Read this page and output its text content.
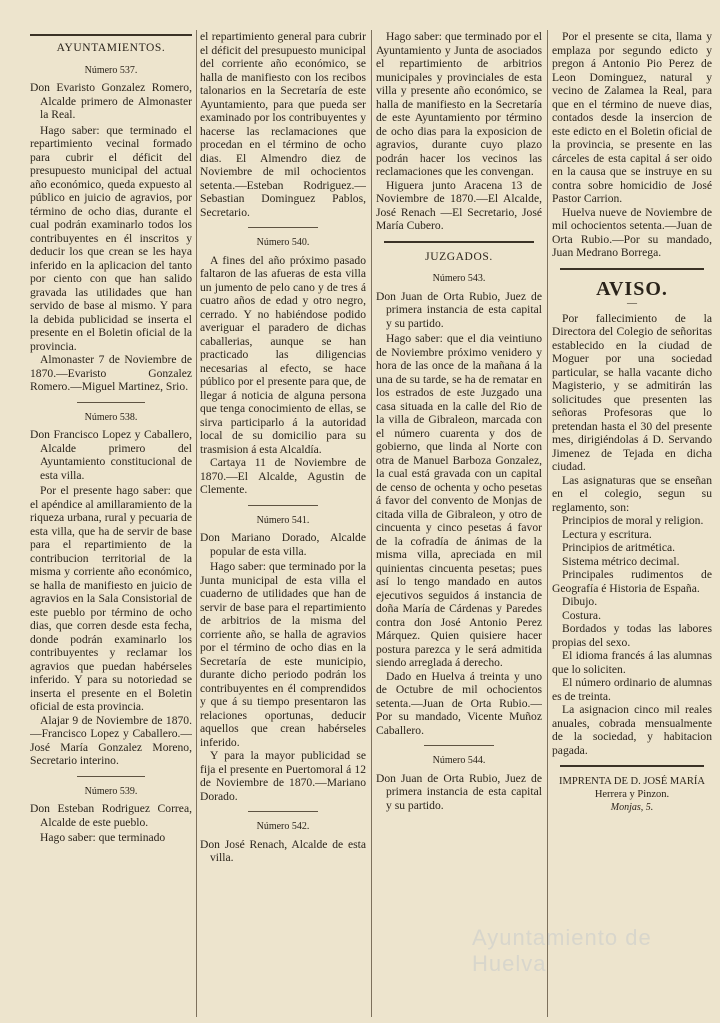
AYUNTAMIENTOS.
Número 537.

Don Evaristo Gonzalez Romero, Alcalde primero de Almonaster la Real.

Hago saber: que terminado el repartimiento vecinal formado para cubrir el déficit del presupuesto municipal del actual año económico, queda expuesto al público en juicio de agravios, por término de ocho dias, durante el cual podrán examinarlo todos los contribuyentes en él inscritos y deducir los que crean se les haya inferido en la aplicacion del tanto por ciento con que han salido gravada las utilidades que han servido de base al mismo. Y para la debida publicidad se inserta el presente en el Boletin oficial de la provincia.

Almonaster 7 de Noviembre de 1870.—Evaristo Gonzalez Romero.—Miguel Martinez, Srio.

Número 538.

Don Francisco Lopez y Caballero, Alcalde primero del Ayuntamiento constitucional de esta villa.

Por el presente hago saber: que el apéndice al amillaramiento de la riqueza urbana, rural y pecuaria de esta villa, que ha de servir de base para el repartimiento de la contribucion territorial de la misma y corriente año económico, se halla de manifiesto en juicio de agravios en la Sala Consistorial de este pueblo por término de ocho dias, que corren desde esta fecha, donde podrán examinarlo los contribuyentes y reclamar los agravios que puedan habérseles inferido. Y para su notoriedad se inserta el presente en el Boletin oficial de esta provincia.

Alajar 9 de Noviembre de 1870.—Francisco Lopez y Caballero.—José María Gonzalez Moreno, Secretario interino.

Número 539.

Don Esteban Rodriguez Correa, Alcalde de este pueblo.

Hago saber: que terminado

el repartimiento general para cubrir el déficit del presupuesto municipal del corriente año económico, se halla de manifiesto con los recibos talonarios en la Secretaría de este Ayuntamiento, para que pueda ser examinado por los contribuyentes y hacerse las reclamaciones que procedan en el término de ocho dias. El Almendro diez de Noviembre de mil ochocientos setenta.—Esteban Rodriguez.—Sebastian Dominguez Pablos, Secretario.

Número 540.

A fines del año próximo pasado faltaron de las afueras de esta villa un jumento de pelo cano y de tres á cuatro años de edad y otro negro, cerrado. Y no habiéndose podido averiguar el paradero de dichas caballerias, aunque se han practicado las diligencias necesarias al efecto, se hace público por el presente para que, de llegar á noticia de alguna persona que tenga conocimiento de ellas, se sirva participarlo á la autoridad local de su domicilio para su trasmision á esta Alcaldía.

Cartaya 11 de Noviembre de 1870.—El Alcalde, Agustin de Clemente.

Número 541.

Don Mariano Dorado, Alcalde popular de esta villa.

Hago saber: que terminado por la Junta municipal de esta villa el cuaderno de utilidades que han de servir de base para el repartimiento de arbitrios de la misma del corriente año, se halla de agravios por el término de ocho dias en la Secretaría de este municipio, durante dicho periodo podrán los contribuyentes en él comprendidos y que á su tiempo presentaron las relaciones oportunas, deducir aquellos que crean habérseles inferido.

Y para la mayor publicidad se fija el presente en Puertomoral á 12 de Noviembre de 1870.—Mariano Dorado.

Número 542.

Don José Renach, Alcalde de esta villa.

Hago saber: que terminado por el Ayuntamiento y Junta de asociados el repartimiento de arbitrios municipales y provinciales de esta villa y presente año económico, se halla de manifiesto en la Secretaría de este Ayuntamiento por término de ocho dias para la exposicion de agravios, durante cuyo plazo podrán hacer los vecinos las reclamaciones que les convengan.

Higuera junto Aracena 13 de Noviembre de 1870.—El Alcalde, José Renach —El Secretario, José María Cubero.

JUZGADOS.
Número 543.

Don Juan de Orta Rubio, Juez de primera instancia de esta capital y su partido.

Hago saber: que el dia veintiuno de Noviembre próximo venidero y hora de las once de la mañana á la una de su tarde, se ha de rematar en los estrados de este Juzgado una casa situada en la calle del Rio de la villa de Gibraleon, marcada con el número cuarenta y dos de gobierno, que linda al Norte con otra de Manuel Barboza Gonzalez, la cual está gravada con un capital de censo de ochenta y ocho pesetas á favor del convento de Monjas de citada villa de Gibraleon, y otro de cincuenta y cinco pesetas á favor de la cofradía de ánimas de la misma villa, apreciada en mil quinientas cincuenta pesetas; pues así lo tengo mandado en autos ejecutivos seguidos á instancia de doña María de Cárdenas y Paredes contra don José Antonio Perez Márquez. Quien quisiere hacer postura parezca y le será admitida siendo arreglada á derecho.

Dado en Huelva á treinta y uno de Octubre de mil ochocientos setenta.—Juan de Orta Rubio.—Por su mandado, Vicente Muñoz Caballero.

Número 544.

Don Juan de Orta Rubio, Juez de primera instancia de esta capital y su partido.

Por el presente se cita, llama y emplaza por segundo edicto y pregon á Antonio Pio Perez de Leon Dominguez, natural y vecino de Zalamea la Real, para que en el término de nueve dias, contados desde la insercion de este edicto en el Boletin oficial de la provincia, se presente en las cárceles de esta capital á ser oido en la causa que se instruye en su contra sobre homicidio de José Pastor Carrion.

Huelva nueve de Noviembre de mil ochocientos setenta.—Juan de Orta Rubio.—Por su mandado, Juan Medrano Borrega.

AVISO.
—

Por fallecimiento de la Directora del Colegio de señoritas establecido en la ciudad de Moguer por una sociedad particular, se halla vacante dicho Magisterio, y se admitirán las solicitudes que presenten las señoras Profesoras que lo pretendan hasta el 30 del presente mes, dirigiéndolas á D. Servando Jimenez de Tejada en dicha ciudad.

Las asignaturas que se enseñan en el colegio, segun su reglamento, son:

Principios de moral y religion.

Lectura y escritura.

Principios de aritmética.

Sistema métrico decimal.

Principales rudimentos de Geografía é Historia de España.

Dibujo.

Costura.

Bordados y todas las labores propias del sexo.

El idioma francés á las alumnas que lo soliciten.

El número ordinario de alumnas es de treinta.

La asignacion cinco mil reales anuales, cobrada mensualmente de la sociedad, y habitacion pagada.

IMPRENTA DE D. JOSÉ MARÍA Herrera y Pinzon.
Monjas, 5.

Ayuntamiento de Huelva
